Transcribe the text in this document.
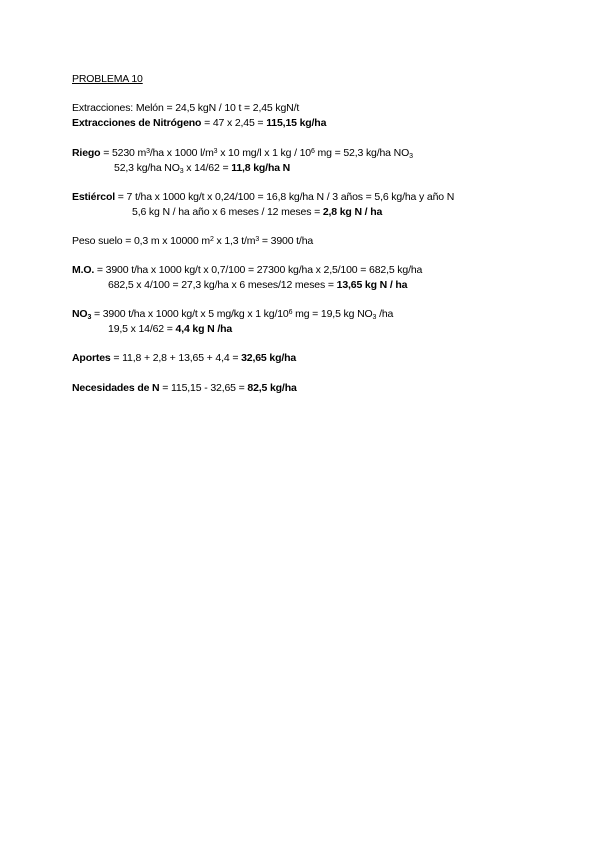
PROBLEMA 10
Extracciones: Melón = 24,5 kgN / 10 t = 2,45 kgN/t
Extracciones de Nitrógeno = 47 x 2,45 = 115,15 kg/ha
Riego = 5230 $m^3/ha$ x 1000 $l/m^3$ x 10 mg/l x 1 kg / $10^6$ mg = 52,3 kg/ha $NO_3$
52,3 kg/ha $NO_3$ x 14/62 = 11,8 kg/ha N
Estiércol = 7 t/ha x 1000 kg/t x 0,24/100 = 16,8 kg/ha N / 3 años = 5,6 kg/ha y año N
5,6 kg N / ha año x 6 meses / 12 meses = 2,8 kg N / ha
Peso suelo = 0,3 m x 10000 $m^2$ x 1,3 $t/m^3 = 3900$ t/ha
M.O. = 3900 t/ha x 1000 kg/t x 0,7/100 = 27300 kg/ha x 2,5/100 = 682,5 kg/ha
682,5 x 4/100 = 27,3 kg/ha x 6 meses/12 meses = 13,65 kg N / ha
$NO_3 = 3900$ t/ha x 1000 kg/t x 5 mg/kg x 1 $kg/10^6$ mg = 19,5 kg $NO_3$ /ha
19,5 x 14/62 = 4,4 kg N /ha
Aportes = 11,8 + 2,8 + 13,65 + 4,4 = 32,65 kg/ha
Necesidades de N = 115,15 - 32,65 = 82,5 kg/ha
